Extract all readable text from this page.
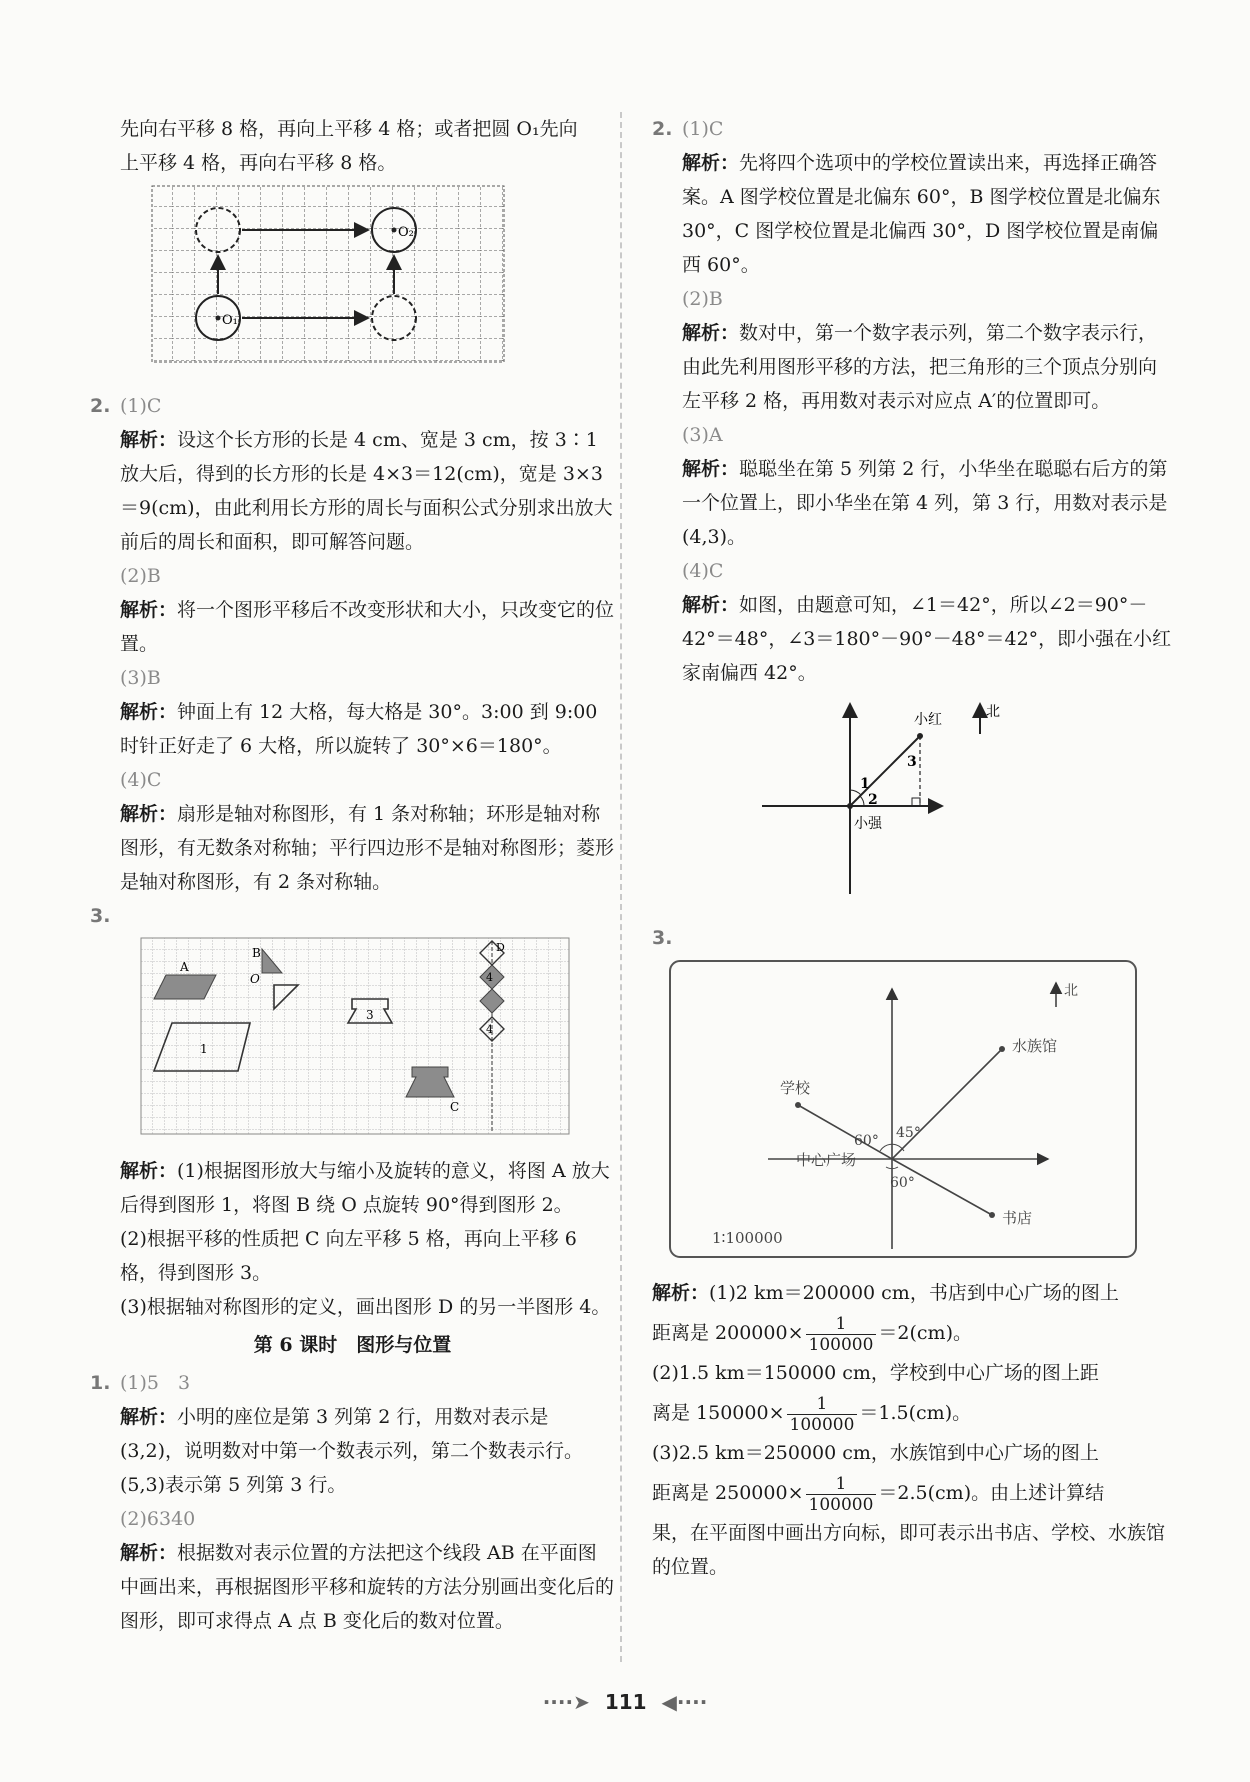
先向右平移 8 格，再向上平移 4 格；或者把圆 O₁先向

上平移 4 格，再向右平移 8 格。

O₁
O₂

2. (1)C

解析：设这个长方形的长是 4 cm、宽是 3 cm，按 3∶1 放大后，得到的长方形的长是 4×3＝12(cm)，宽是 3×3＝9(cm)，由此利用长方形的周长与面积公式分别求出放大前后的周长和面积，即可解答问题。

(2)B

解析：将一个图形平移后不改变形状和大小，只改变它的位置。

(3)B

解析：钟面上有 12 大格，每大格是 30°。3:00 到 9:00 时针正好走了 6 大格，所以旋转了 30°×6＝180°。

(4)C

解析：扇形是轴对称图形，有 1 条对称轴；环形是轴对称图形，有无数条对称轴；平行四边形不是轴对称图形；菱形是轴对称图形，有 2 条对称轴。

3.

A
1
B
O
3
C
D
4
4

解析：(1)根据图形放大与缩小及旋转的意义，将图 A 放大后得到图形 1，将图 B 绕 O 点旋转 90°得到图形 2。

(2)根据平移的性质把 C 向左平移 5 格，再向上平移 6 格，得到图形 3。

(3)根据轴对称图形的定义，画出图形 D 的另一半图形 4。

第 6 课时　图形与位置

1. (1)5　3

解析：小明的座位是第 3 列第 2 行，用数对表示是 (3,2)，说明数对中第一个数表示列，第二个数表示行。(5,3)表示第 5 列第 3 行。

(2)6340

解析：根据数对表示位置的方法把这个线段 AB 在平面图中画出来，再根据图形平移和旋转的方法分别画出变化后的图形，即可求得点 A 点 B 变化后的数对位置。

2. (1)C

解析：先将四个选项中的学校位置读出来，再选择正确答案。A 图学校位置是北偏东 60°，B 图学校位置是北偏东 30°，C 图学校位置是北偏西 30°，D 图学校位置是南偏西 60°。

(2)B

解析：数对中，第一个数字表示列，第二个数字表示行，由此先利用图形平移的方法，把三角形的三个顶点分别向左平移 2 格，再用数对表示对应点 A′的位置即可。

(3)A

解析：聪聪坐在第 5 列第 2 行，小华坐在聪聪右后方的第一个位置上，即小华坐在第 4 列，第 3 行，用数对表示是(4,3)。

(4)C

解析：如图，由题意可知，∠1＝42°，所以∠2＝90°－42°＝48°，∠3＝180°－90°－48°＝42°，即小强在小红家南偏西 42°。

1
2
3
小红
小强
北

3.

水族馆
学校
中心广场
书店
60° 45°
60°
北
1∶100000

解析：(1)2 km＝200000 cm，书店到中心广场的图上

距离是 $200000\times \frac{1}{100000} =2(cm)$。

(2)1.5 km＝150000 cm，学校到中心广场的图上距

离是 $150000\times \frac{1}{100000} =1.5(cm)$。

(3)2.5 km＝250000 cm，水族馆到中心广场的图上

距离是 $250000\times \frac{1}{100000} =2.5(cm)$。由上述计算结

果，在平面图中画出方向标，即可表示出书店、学校、水族馆的位置。

····➤ 111 ◀····
